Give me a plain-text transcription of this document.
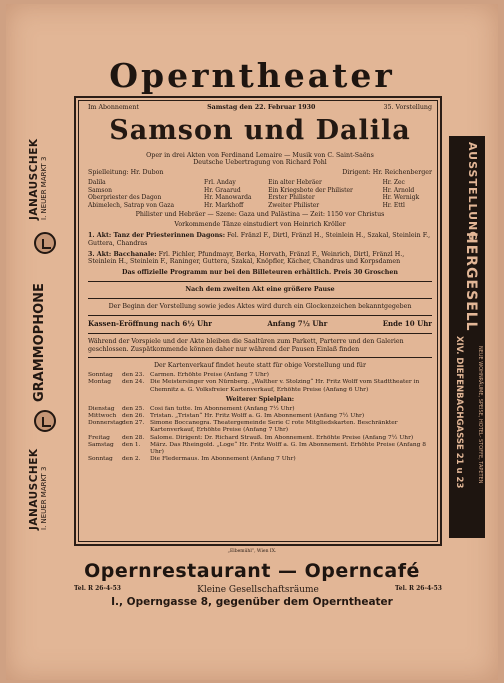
Operntheater
Im Abonnement	Samstag den 22. Februar 1930	35. Vorstellung
Samson und Dalila
Oper in drei Akten von Ferdinand Lemaire — Musik von C. Saint-Saëns
Deutsche Uebertragung von Richard Pohl
Spielleitung: Hr. Dubon	Dirigent: Hr. Reichenberger
Dalila	Frl. Anday	Ein alter Hebräer	Hr. Zec
Samson	Hr. Graarud	Ein Kriegsbote der Philister	Hr. Arnold
Oberpriester des Dagon	Hr. Manowarda	Erster Philister	Hr. Wernigk
Abimelech, Satrap von Gaza	Hr. Markhoff	Zweiter Philister	Hr. Ettl
Philister und Hebräer — Szene: Gaza und Palästina — Zeit: 1150 vor Christus
Vorkommende Tänze einstudiert von Heinrich Kröller
1. Akt: Tanz der Priesterinnen Dagons: Fel. Fränzl F., Dirtl, Fränzl H., Steinlein H., Szakal, Steinlein F., Guttera, Chandras
3. Akt: Bacchanale: Frl. Pichler, Pfundmayr, Berka, Horvath, Fränzl F., Weinrich, Dirtl, Fränzl H., Steinlein H., Steinlein F., Raninger, Guttera, Szakal, Knöpfler, Kächer, Chandras und Korpsdamen
Das offizielle Programm nur bei den Billeteuren erhältlich. Preis 30 Groschen
Nach dem zweiten Akt eine größere Pause
Der Beginn der Vorstellung sowie jedes Aktes wird durch ein Glockenzeichen bekanntgegeben
Kassen-Eröffnung nach 6½ Uhr	Anfang 7½ Uhr	Ende 10 Uhr
Während der Vorspiele und der Akte bleiben die Saaltüren zum Parkett, Parterre und den Galerien geschlossen. Zuspätkommende können daher nur während der Pausen Einlaß finden
Der Kartenverkauf findet heute statt für obige Vorstellung und für
Sonntag	den 23. Carmen. Erhöhte Preise (Anfang 7 Uhr)
Montag	den 24. Die Meistersinger von Nürnberg. „Walther v. Stolzing“ Hr. Fritz Wolff vom Stadttheater in Chemnitz a. G. Volksfreier Kartenverkauf, Erhöhte Preise (Anfang 6 Uhr)
Weiterer Spielplan:
Dienstag	den 25. Cosi fan tutte. Im Abonnement (Anfang 7½ Uhr)
Mittwoch den 26. Tristan. „Tristan“ Hr. Fritz Wolff a. G. Im Abonnement (Anfang 7½ Uhr)
Donnerstag den 27. Simone Boccanegra. Theatergemeinde Serie C rote Mitgliedskarten. Beschränkter Kartenverkauf, Erhöhte Preise (Anfang 7 Uhr)
Freitag	den 28. Salome. Dirigent: Dr. Richard Strauß. Im Abonnement. Erhöhte Preise (Anfang 7½ Uhr)
Samstag	den 1.	März. Das Rheingold. „Loge“ Hr. Fritz Wolff a. G. Im Abonnement. Erhöhte Preise (Anfang 8 Uhr)
Sonntag	den 2.	Die Fledermaus. Im Abonnement (Anfang 7 Uhr)
„Elbemühl“, Wien IX.
JANAUSCHEK I. NEUER MARKT 3
GRAMMOPHONE
JANAUSCHEK I. NEUER MARKT 3	AUSSTELLUNG
HERGESELL
XIV. DIEFENBACHGASSE 21 u 23	NEUE WOHNRÄUME, SPEISE, HOTEL- STOFFE, TAPETEN
Opernrestaurant — Operncafé
Tel. R 26-4-53	Kleine Gesellschaftsräume	Tel. R 26-4-53
I., Operngasse 8, gegenüber dem Operntheater
